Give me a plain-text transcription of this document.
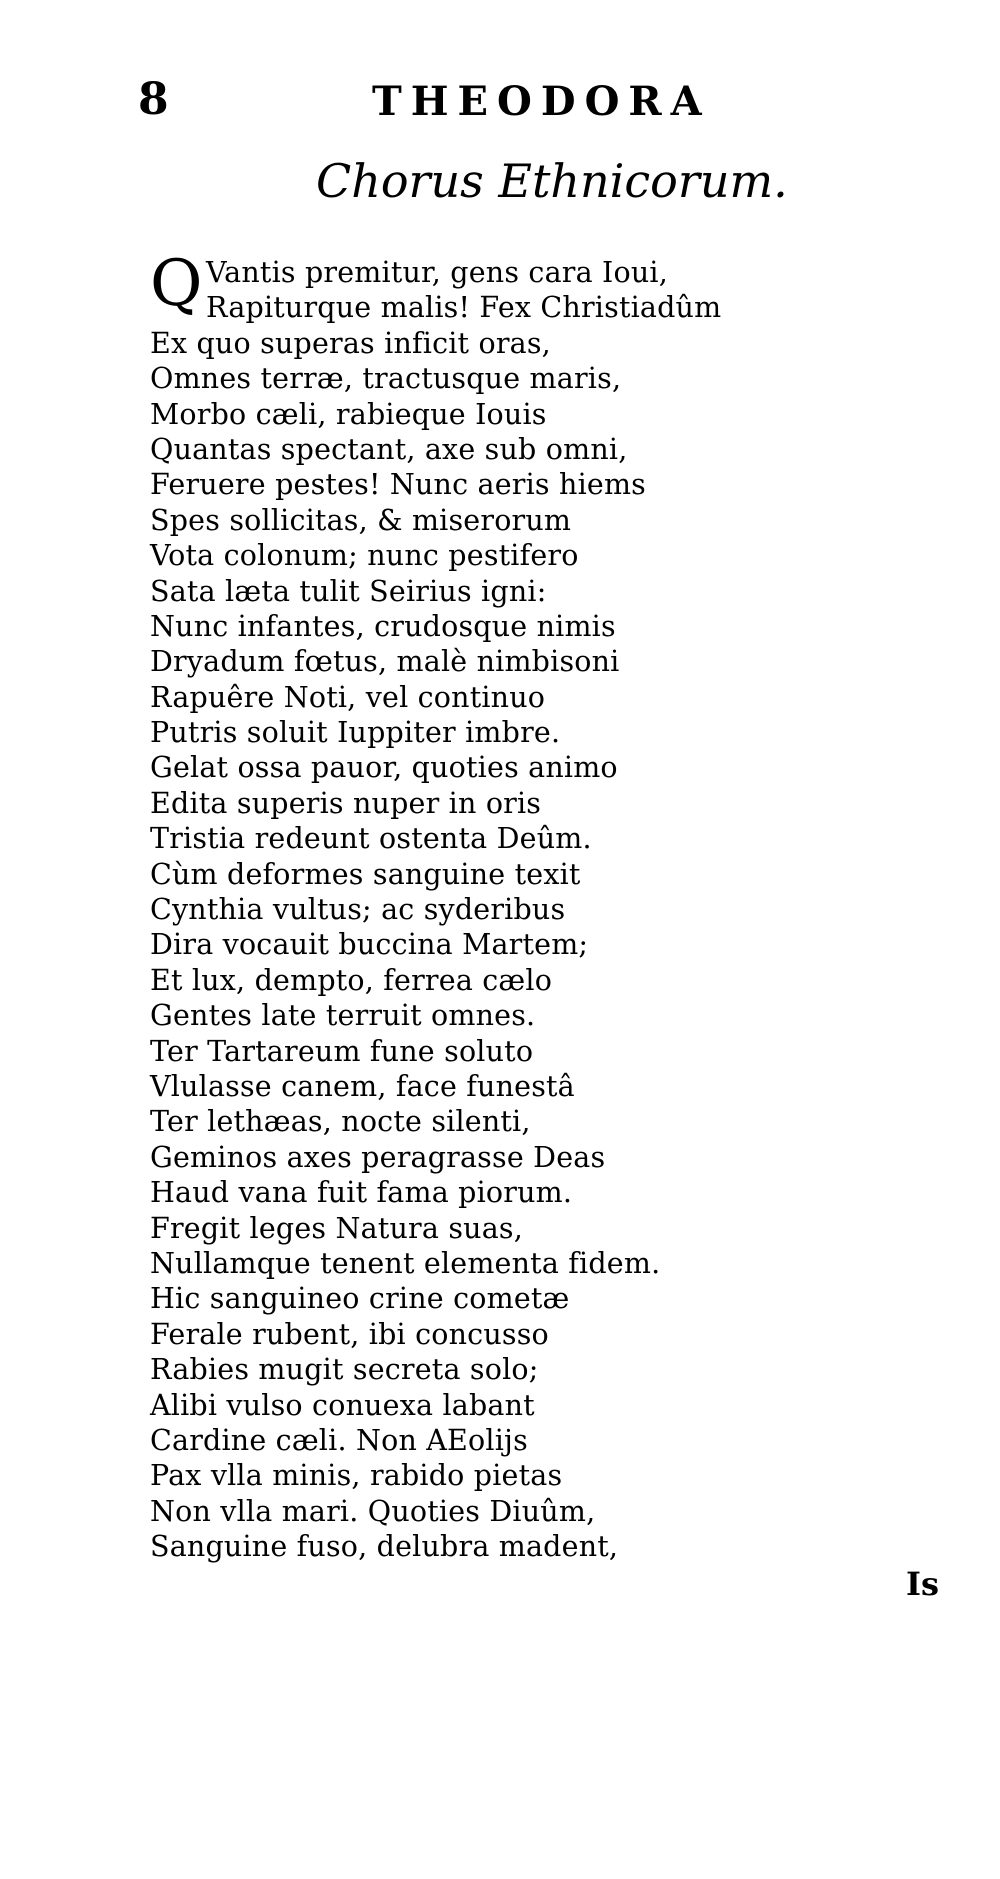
8	THEODORA
Chorus Ethnicorum.
Q Vantis premitur, gens cara Ioui,
Rapiturque malis! Fex Christiadûm
Ex quo superas inficit oras,
Omnes terræ, tractusque maris,
Morbo cæli, rabieque Iouis
Quantas spectant, axe sub omni,
Feruere pestes! Nunc aeris hiems
Spes sollicitas, & miserorum
Vota colonum; nunc pestifero
Sata læta tulit Seirius igni:
Nunc infantes, crudosque nimis
Dryadum fœtus, malè nimbisoni
Rapuêre Noti, vel continuo
Putris soluit Iuppiter imbre.
Gelat ossa pauor, quoties animo
Edita superis nuper in oris
Tristia redeunt ostenta Deûm.
Cùm deformes sanguine texit
Cynthia vultus; ac syderibus
Dira vocauit buccina Martem;
Et lux, dempto, ferrea cælo
Gentes late terruit omnes.
Ter Tartareum fune soluto
Vlulasse canem, face funestâ
Ter lethæas, nocte silenti,
Geminos axes peragrasse Deas
Haud vana fuit fama piorum.
Fregit leges Natura suas,
Nullamque tenent elementa fidem.
Hic sanguineo crine cometæ
Ferale rubent, ibi concusso
Rabies mugit secreta solo;
Alibi vulso conuexa labant
Cardine cæli. Non AEolijs
Pax vlla minis, rabido pietas
Non vlla mari. Quoties Diuûm,
Sanguine fuso, delubra madent,
Is
